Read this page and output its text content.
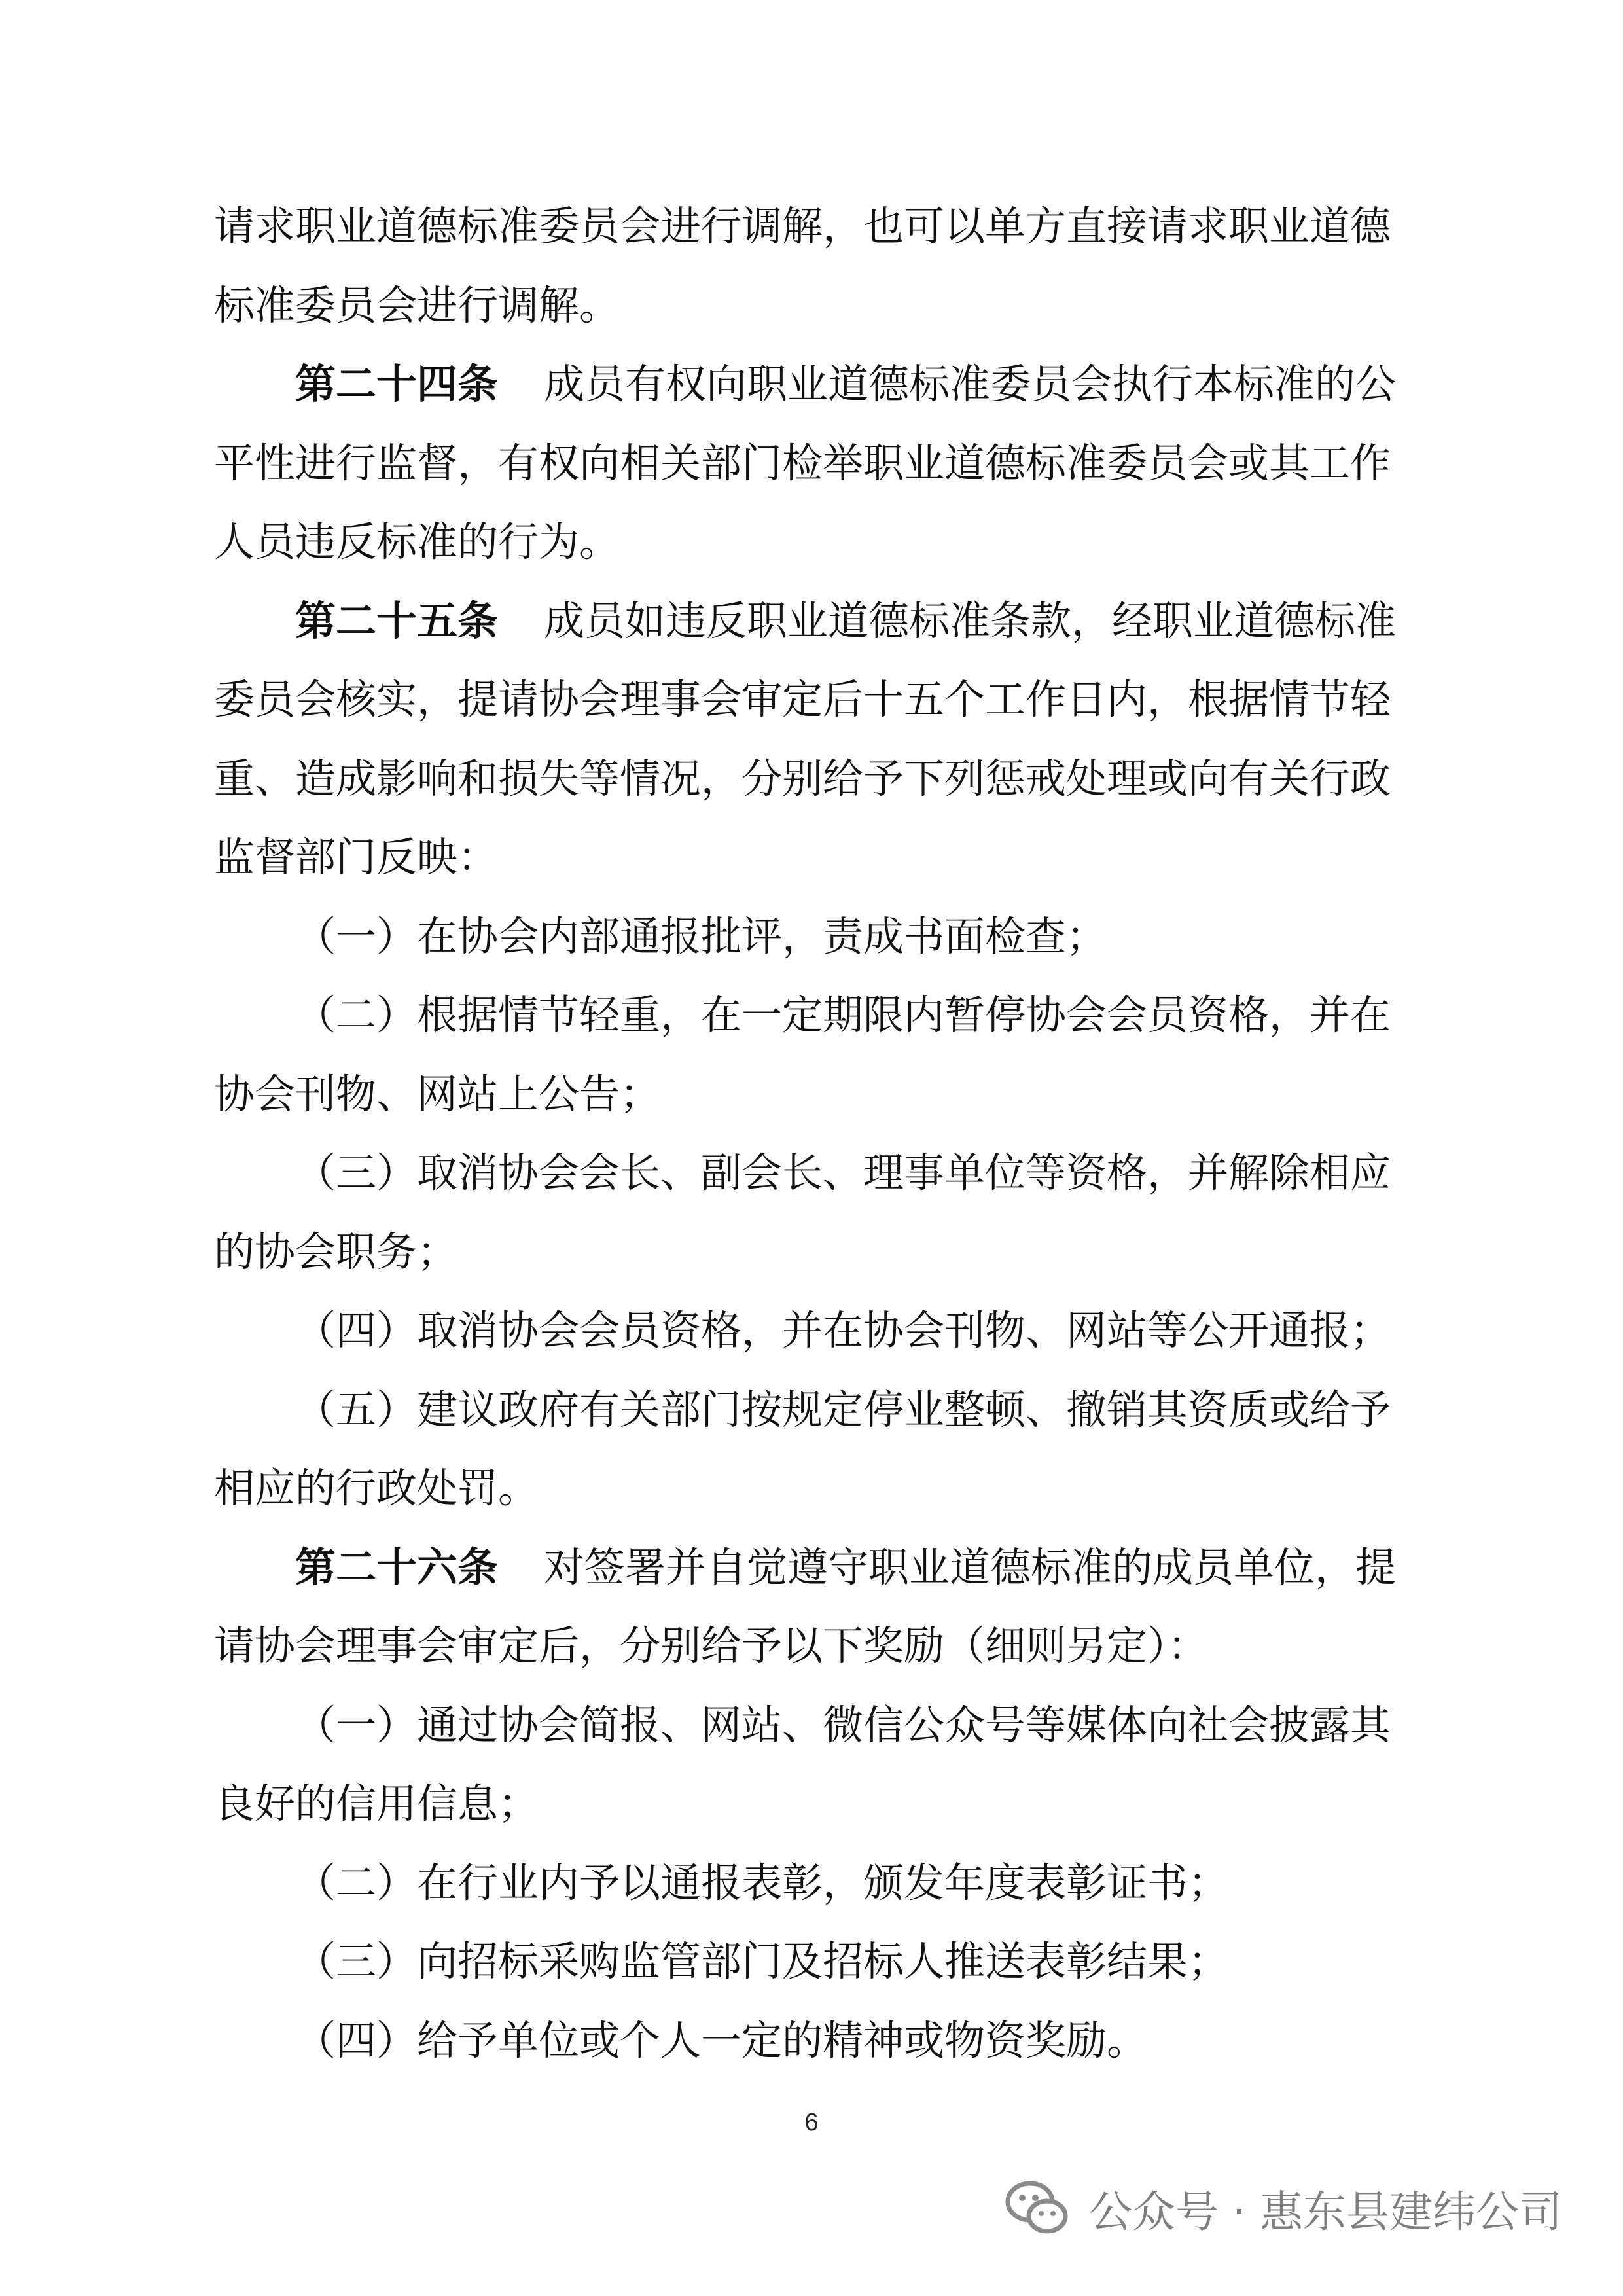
请求职业道德标准委员会进行调解，也可以单方直接请求职业道德
标准委员会进行调解。
第二十四条 成员有权向职业道德标准委员会执行本标准的公
平性进行监督，有权向相关部门检举职业道德标准委员会或其工作
人员违反标准的行为。
第二十五条 成员如违反职业道德标准条款，经职业道德标准
委员会核实，提请协会理事会审定后十五个工作日内，根据情节轻
重、造成影响和损失等情况，分别给予下列惩戒处理或向有关行政
监督部门反映：
（一）在协会内部通报批评，责成书面检查；
（二）根据情节轻重，在一定期限内暂停协会会员资格，并在
协会刊物、网站上公告；
（三）取消协会会长、副会长、理事单位等资格，并解除相应
的协会职务；
（四）取消协会会员资格，并在协会刊物、网站等公开通报；
（五）建议政府有关部门按规定停业整顿、撤销其资质或给予
相应的行政处罚。
第二十六条 对签署并自觉遵守职业道德标准的成员单位，提
请协会理事会审定后，分别给予以下奖励（细则另定）：
（一）通过协会简报、网站、微信公众号等媒体向社会披露其
良好的信用信息；
（二）在行业内予以通报表彰，颁发年度表彰证书；
（三）向招标采购监管部门及招标人推送表彰结果；
（四）给予单位或个人一定的精神或物资奖励。
6
公众号 · 惠东县建纬公司
